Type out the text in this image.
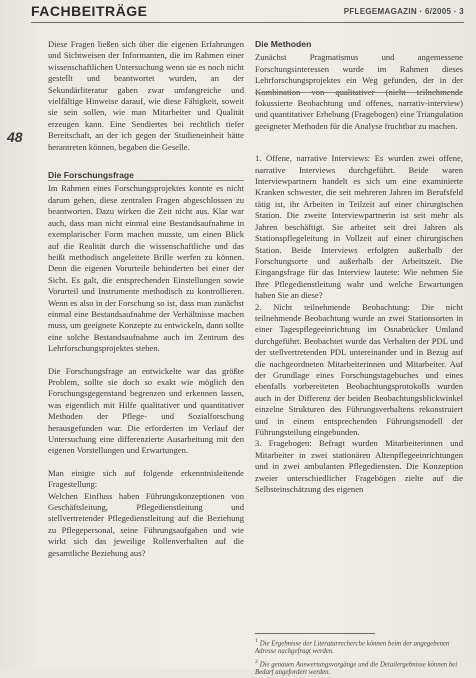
FACHBEITRÄGE	PFLEGEMAGAZIN · 6/2005 · 3
48

Diese Fragen ließen sich über die eigenen Erfahrungen und Sichtweisen der Informanten, die im Rahmen einer wissenschaftlichen Untersuchung wenn sie es noch nicht gestellt und beantwortet wurden, an der Sekundärliteratur gaben zwar umfangreiche und vielfältige Hinweise darauf, wie diese Fähigkeit, soweit sie sein sollen, wie man Mitarbeiter und Qualität erzeugen kann. Eine Sendiertes bei rechtlich tiefer Bereitschaft, an der ich gegen der Studieneinheit hätte herantreten können, begaben die Geselle.

Die Forschungsfrage

Im Rahmen eines Forschungsprojektes konnte es nicht darum gehen, diese zentralen Fragen abgeschlossen zu beantworten. Dazu wirken die Zeit nicht aus. Klar war auch, dass man nicht einmal eine Bestandsaufnahme in exemplarischer Form machen musste, um einen Blick auf die Realität durch die wissenschaftliche und das heißt methodisch angeleitete Brille werfen zu können. Denn die eigenen Vorurteile behinderten bei einer der Sicht. Es galt, die entsprechenden Einstellungen sowie Vorurteil und Instrumente methodisch zu kontrollieren. Wenn es also in der Forschung so ist, dass man zunächst einmal eine Bestandsaufnahme der Verhältnisse machen muss, um geeignete Konzepte zu entwickeln, dann sollte eine solche Bestandsaufnahme auch im Zentrum des Lehrforschungsprojektes stehen.

Die Forschungsfrage an entwickelte war das größte Problem, sollte sie doch so exakt wie möglich den Forschungsgegenstand begrenzen und erkennen lassen, was eigentlich mit Hilfe qualitativer und quantitativer Methoden der Pflege- und Sozialforschung herausgefunden war. Die erforderten im Verlauf der Untersuchung eine differenzierte Ausarbeitung mit den eigenen Vorstellungen und Erwartungen.

Man einigte sich auf folgende erkenntnisleitende Fragestellung:

Welchen Einfluss haben Führungskonzeptionen von Geschäftsleitung, Pflegedienstleitung und stellvertretender Pflegedienstleitung auf die Beziehung zu Pflegepersonal, seine Führungsaufgaben und wie wirkt sich das jeweilige Rollenverhalten auf die gesamtliche Beziehung aus?

Die Methoden

Zunächst Pragmatismus und angemessene Forschungsinteressen wurde im Rahmen dieses Lehrforschungsprojektes ein Weg gefunden, der in der fokussierte Beobachtung und offenes, narrativ-interview) und quantitativer Erhebung (Fragebogen) eine Triangulation geeigneter Methoden für die Analyse fruchtbar zu machen.

1. Offene, narrative Interviews: Es wurden zwei offene, narrative Interviews durchgeführt. Beide waren Interviewpartnern handelt es sich um eine examinierte Kranken schwester, die seit mehreren Jahren im Berufsfeld tätig ist, ihr Arbeiten in Teilzeit auf einer chirurgischen Station. Die zweite Interviewpartnerin ist seit mehr als Jahren beschäftigt. Sie arbeitet seit drei Jahren als Stationspflegeleitung in Vollzeit auf einer chirurgischen Station. Beide Interviews erfolgten außerhalb der Forschungsorte und außerhalb der Arbeitszeit. Die Eingangsfrage für das Interview lautete: Wie nehmen Sie Ihre Pflegedienstleitung wahr und welche Erwartungen haben Sie an diese?

2. Nicht teilnehmende Beobachtung: Die nicht teilnehmende Beobachtung wurde an zwei Stationsorten in einer Tagespflegeeinrichtung im Osnabrücker Umland durchgeführt. Beobachtet wurde das Verhalten der PDL und der stellvertretenden PDL untereinander und in Bezug auf die nachgeordneten Mitarbeiterinnen und Mitarbeiter. Auf der Grundlage eines Forschungstagebuches und eines ebenfalls vorbereiteten Beobachtungsprotokolls wurden auch in der Differenz der beiden Beobachtungsblickwinkel einzelne Strukturen des Führungsverhaltens rekonstruiert und in einem entsprechenden Führungsmodell der Führungsteilung eingebunden.

3. Fragebogen: Befragt wurden Mitarbeiterinnen und Mitarbeiter in zwei stationären Altenpflegeeinrichtungen und in zwei ambulanten Pflegediensten. Die Konzeption zweier unterschiedlicher Fragebögen zielte auf die Selbsteinschätzung des eigenen

$^1$ Die Ergebnisse der Literaturrecherche können beim der angegebenen Adresse nachgefragt werden.
$^2$ Die genauen Auswertungsvorgänge und die Detailergebnisse können bei Bedarf angefordert werden.
